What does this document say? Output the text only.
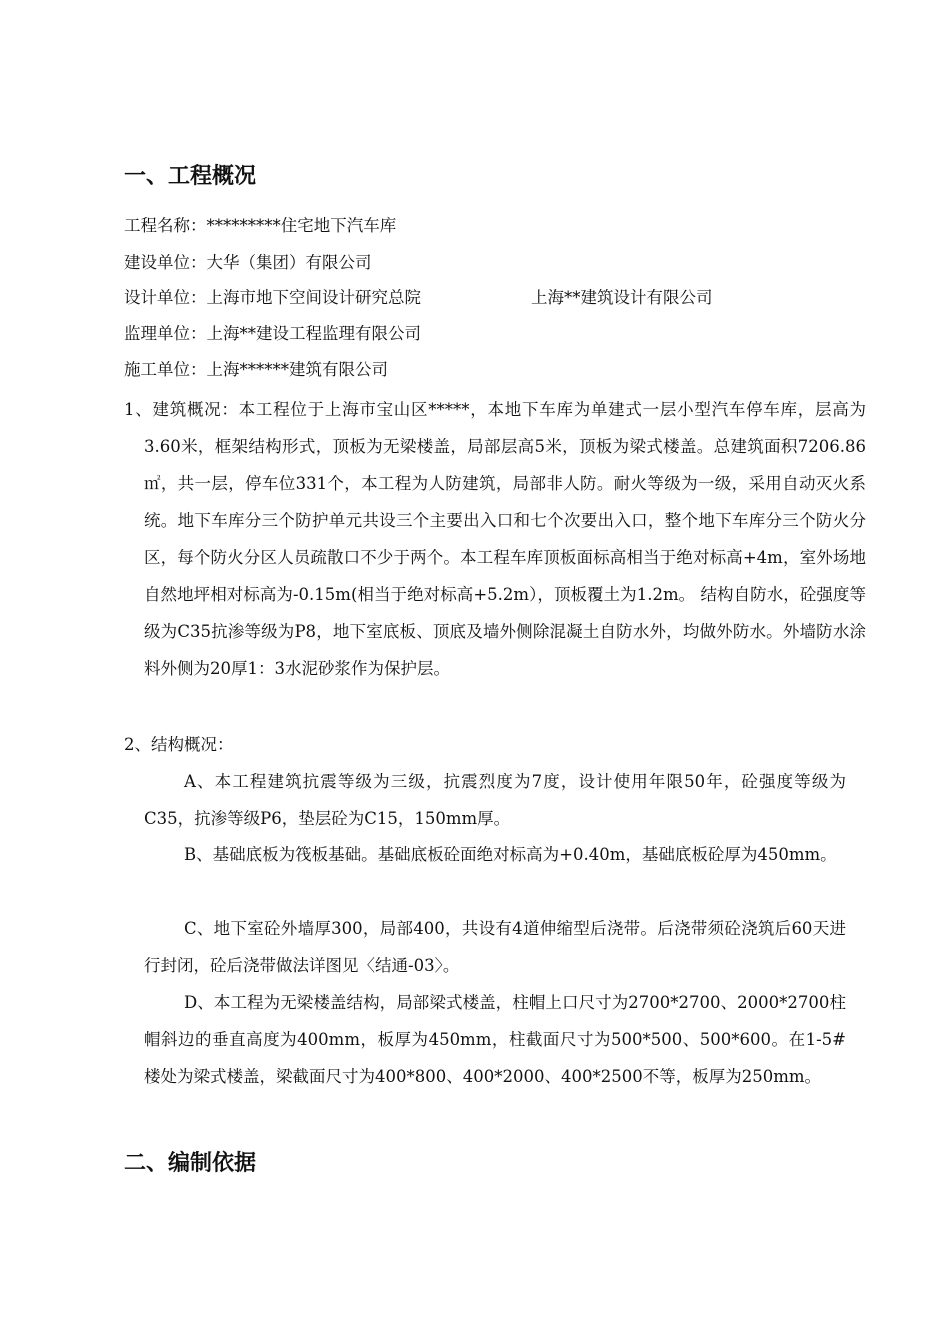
一、工程概况
工程名称：*********住宅地下汽车库
建设单位：大华（集团）有限公司
设计单位：上海市地下空间设计研究总院	上海**建筑设计有限公司
监理单位：上海**建设工程监理有限公司
施工单位：上海******建筑有限公司
1、建筑概况：本工程位于上海市宝山区*****，本地下车库为单建式一层小型汽车停车库，层高为3.60米，框架结构形式，顶板为无梁楼盖，局部层高5米，顶板为梁式楼盖。总建筑面积7206.86㎡，共一层，停车位331个，本工程为人防建筑，局部非人防。耐火等级为一级，采用自动灭火系统。地下车库分三个防护单元共设三个主要出入口和七个次要出入口，整个地下车库分三个防火分区，每个防火分区人员疏散口不少于两个。本工程车库顶板面标高相当于绝对标高+4m，室外场地自然地坪相对标高为-0.15m(相当于绝对标高+5.2m），顶板覆土为1.2m。 结构自防水，砼强度等级为C35抗渗等级为P8，地下室底板、顶底及墙外侧除混凝土自防水外，均做外防水。外墙防水涂料外侧为20厚1：3水泥砂浆作为保护层。
2、结构概况：
A、本工程建筑抗震等级为三级，抗震烈度为7度，设计使用年限50年，砼强度等级为C35，抗渗等级P6，垫层砼为C15，150mm厚。
B、基础底板为筏板基础。基础底板砼面绝对标高为+0.40m，基础底板砼厚为450mm。
C、地下室砼外墙厚300，局部400，共设有4道伸缩型后浇带。后浇带须砼浇筑后60天进行封闭，砼后浇带做法详图见〈结通-03〉。
D、本工程为无梁楼盖结构，局部梁式楼盖，柱帽上口尺寸为2700*2700、2000*2700柱帽斜边的垂直高度为400mm，板厚为450mm，柱截面尺寸为500*500、500*600。在1-5#楼处为梁式楼盖，梁截面尺寸为400*800、400*2000、400*2500不等，板厚为250mm。
二、编制依据
